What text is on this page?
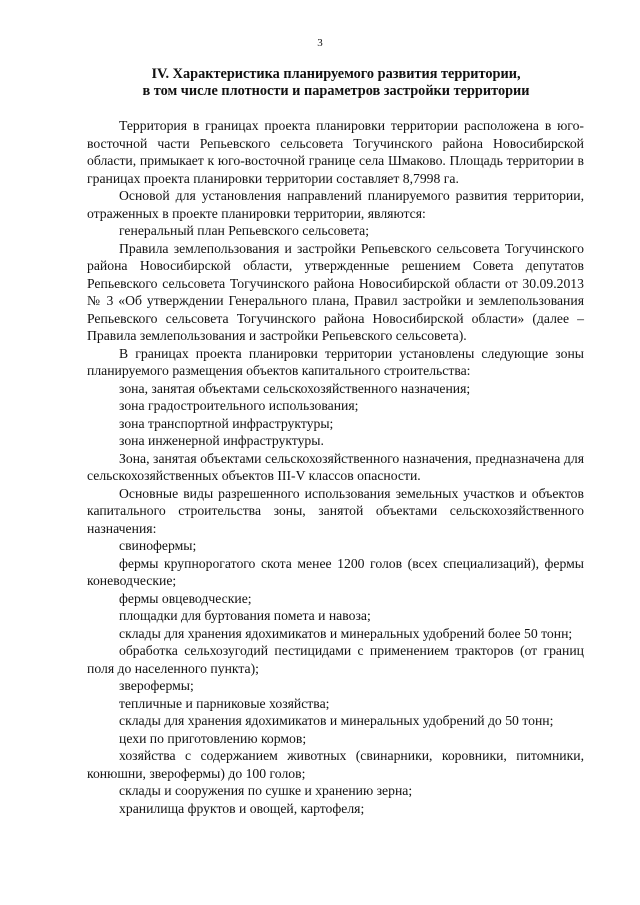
3
IV. Характеристика планируемого развития территории,
в том числе плотности и параметров застройки территории

Территория в границах проекта планировки территории расположена в юго-восточной части Репьевского сельсовета Тогучинского района Новосибирской области, примыкает к юго-восточной границе села Шмаково. Площадь территории в границах проекта планировки территории составляет 8,7998 га.

Основой для установления направлений планируемого развития территории, отраженных в проекте планировки территории, являются:

генеральный план Репьевского сельсовета;

Правила землепользования и застройки Репьевского сельсовета Тогучинского района Новосибирской области, утвержденные решением Совета депутатов Репьевского сельсовета Тогучинского района Новосибирской области от 30.09.2013 № 3 «Об утверждении Генерального плана, Правил застройки и землепользования Репьевского сельсовета Тогучинского района Новосибирской области» (далее – Правила землепользования и застройки Репьевского сельсовета).

В границах проекта планировки территории установлены следующие зоны планируемого размещения объектов капитального строительства:

зона, занятая объектами сельскохозяйственного назначения;

зона градостроительного использования;

зона транспортной инфраструктуры;

зона инженерной инфраструктуры.

Зона, занятая объектами сельскохозяйственного назначения, предназначена для сельскохозяйственных объектов III-V классов опасности.

Основные виды разрешенного использования земельных участков и объектов капитального строительства зоны, занятой объектами сельскохозяйственного назначения:

свинофермы;

фермы крупнорогатого скота менее 1200 голов (всех специализаций), фермы коневодческие;

фермы овцеводческие;

площадки для буртования помета и навоза;

склады для хранения ядохимикатов и минеральных удобрений более 50 тонн;

обработка сельхозугодий пестицидами с применением тракторов (от границ поля до населенного пункта);

зверофермы;

тепличные и парниковые хозяйства;

склады для хранения ядохимикатов и минеральных удобрений до 50 тонн;

цехи по приготовлению кормов;

хозяйства с содержанием животных (свинарники, коровники, питомники, конюшни, зверофермы) до 100 голов;

склады и сооружения по сушке и хранению зерна;

хранилища фруктов и овощей, картофеля;
